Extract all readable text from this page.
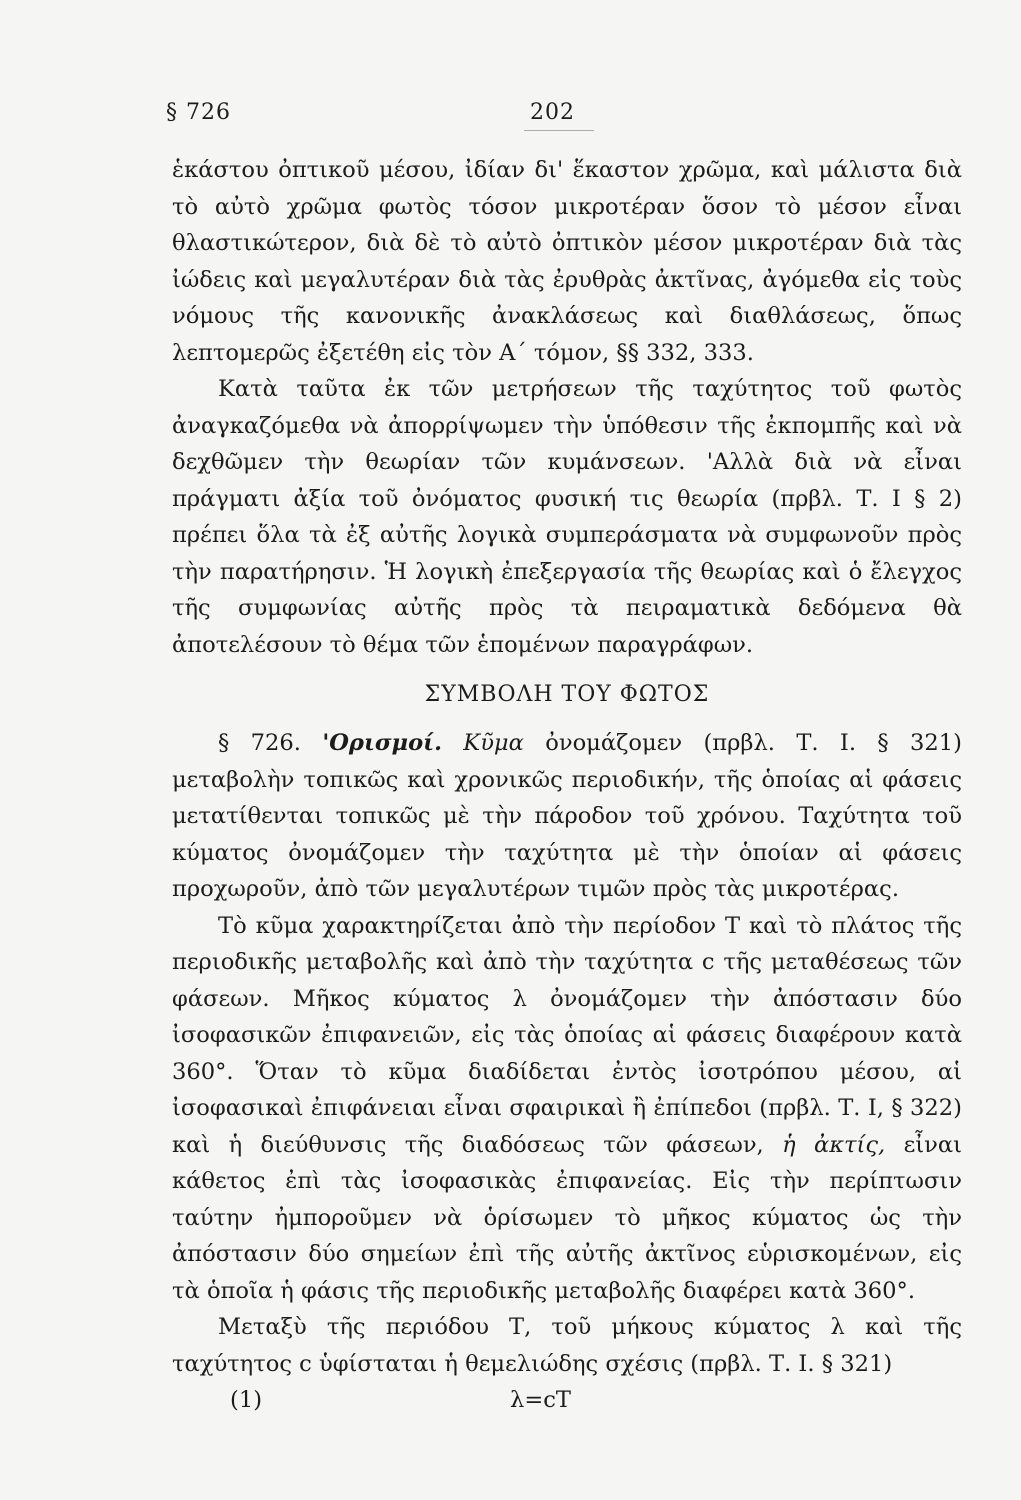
§ 726	202

ἑκάστου ὀπτικοῦ μέσου, ἰδίαν δι' ἕκαστον χρῶμα, καὶ μάλιστα διὰ τὸ αὐτὸ χρῶμα φωτὸς τόσον μικροτέραν ὅσον τὸ μέσον εἶναι θλαστικώτερον, διὰ δὲ τὸ αὐτὸ ὀπτικὸν μέσον μικροτέραν διὰ τὰς ἰώδεις καὶ μεγαλυτέραν διὰ τὰς ἐρυθρὰς ἀκτῖνας, ἀγόμεθα εἰς τοὺς νόμους τῆς κανονικῆς ἀνακλάσεως καὶ διαθλάσεως, ὅπως λεπτομερῶς ἐξετέθη εἰς τὸν Α΄ τόμον, §§ 332, 333.

Κατὰ ταῦτα ἐκ τῶν μετρήσεων τῆς ταχύτητος τοῦ φωτὸς ἀναγκαζόμεθα νὰ ἀπορρίψωμεν τὴν ὑπόθεσιν τῆς ἐκπομπῆς καὶ νὰ δεχθῶμεν τὴν θεωρίαν τῶν κυμάνσεων. 'Αλλὰ διὰ νὰ εἶναι πράγματι ἀξία τοῦ ὀνόματος φυσική τις θεωρία (πρβλ. Τ. Ι § 2) πρέπει ὅλα τὰ ἐξ αὐτῆς λογικὰ συμπεράσματα νὰ συμφωνοῦν πρὸς τὴν παρατήρησιν. Ἡ λογικὴ ἐπεξεργασία τῆς θεωρίας καὶ ὁ ἔλεγχος τῆς συμφωνίας αὐτῆς πρὸς τὰ πειραματικὰ δεδόμενα θὰ ἀποτελέσουν τὸ θέμα τῶν ἑπομένων παραγράφων.

ΣΥΜΒΟΛΗ ΤΟΥ ΦΩΤΟΣ

§ 726. 'Ορισμοί. Κῦμα ὀνομάζομεν (πρβλ. Τ. Ι. § 321) μεταβολὴν τοπικῶς καὶ χρονικῶς περιοδικήν, τῆς ὁποίας αἱ φάσεις μετατίθενται τοπικῶς μὲ τὴν πάροδον τοῦ χρόνου. Ταχύτητα τοῦ κύματος ὀνομάζομεν τὴν ταχύτητα μὲ τὴν ὁποίαν αἱ φάσεις προχωροῦν, ἀπὸ τῶν μεγαλυτέρων τιμῶν πρὸς τὰς μικροτέρας.

Τὸ κῦμα χαρακτηρίζεται ἀπὸ τὴν περίοδον Τ καὶ τὸ πλάτος τῆς περιοδικῆς μεταβολῆς καὶ ἀπὸ τὴν ταχύτητα c τῆς μεταθέσεως τῶν φάσεων. Μῆκος κύματος λ ὀνομάζομεν τὴν ἀπόστασιν δύο ἰσοφασικῶν ἐπιφανειῶν, εἰς τὰς ὁποίας αἱ φάσεις διαφέρουν κατὰ 360°. Ὅταν τὸ κῦμα διαδίδεται ἐντὸς ἰσοτρόπου μέσου, αἱ ἰσοφασικαὶ ἐπιφάνειαι εἶναι σφαιρικαὶ ἢ ἐπίπεδοι (πρβλ. Τ. Ι, § 322) καὶ ἡ διεύθυνσις τῆς διαδόσεως τῶν φάσεων, ἡ ἀκτίς, εἶναι κάθετος ἐπὶ τὰς ἰσοφασικὰς ἐπιφανείας. Εἰς τὴν περίπτωσιν ταύτην ἠμποροῦμεν νὰ ὁρίσωμεν τὸ μῆκος κύματος ὡς τὴν ἀπόστασιν δύο σημείων ἐπὶ τῆς αὐτῆς ἀκτῖνος εὑρισκομένων, εἰς τὰ ὁποῖα ἡ φάσις τῆς περιοδικῆς μεταβολῆς διαφέρει κατὰ 360°.

Μεταξὺ τῆς περιόδου Τ, τοῦ μήκους κύματος λ καὶ τῆς ταχύτητος c ὑφίσταται ἡ θεμελιώδης σχέσις (πρβλ. Τ. Ι. § 321)

(1)	λ=cT
